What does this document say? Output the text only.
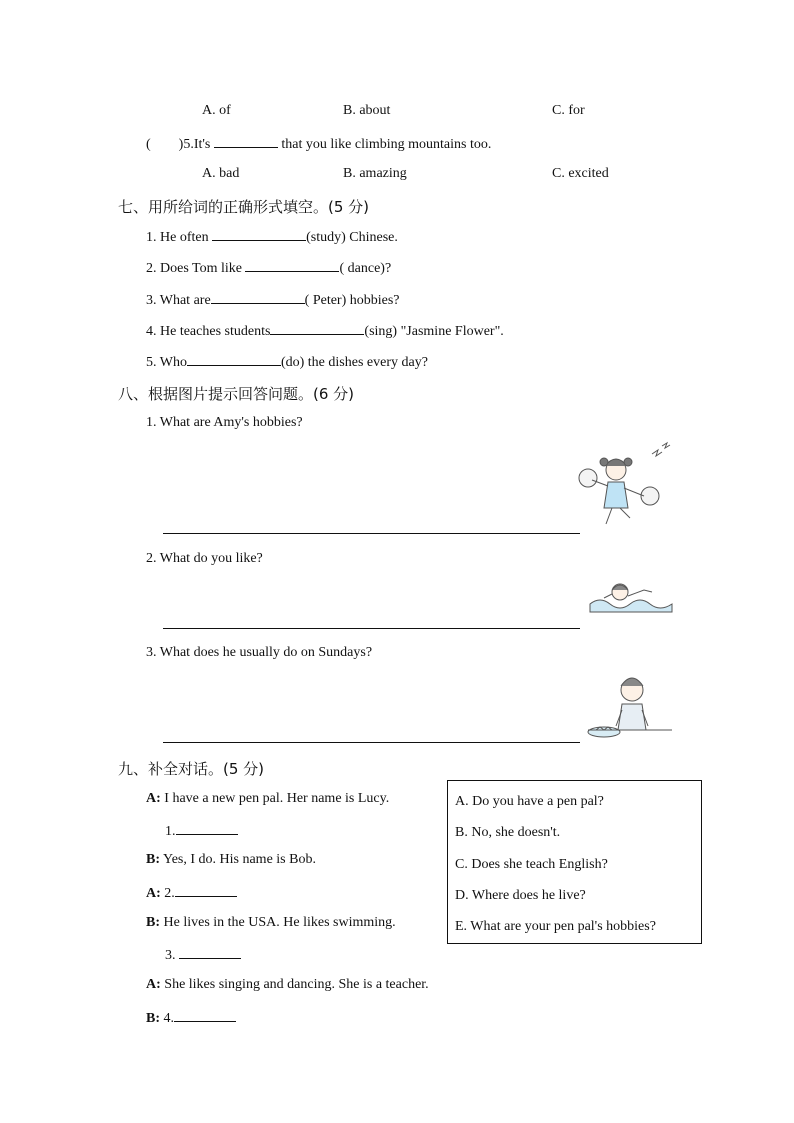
A. of	B. about	C. for
( )5.It's	that you like climbing mountains too.
A. bad	B. amazing	C. excited
七、用所给词的正确形式填空。(5 分)
1. He often	(study) Chinese.
2. Does Tom like	( dance)?
3. What are	( Peter) hobbies?
4. He teaches students	(sing) "Jasmine Flower".
5. Who	(do) the dishes every day?
八、根据图片提示回答问题。(6 分)
1. What are Amy's hobbies?
2. What do you like?
3. What does he usually do on Sundays?
九、补全对话。(5 分)
A: I have a new pen pal. Her name is Lucy.
1.
B: Yes, I do. His name is Bob.
A: 2.
B: He lives in the USA. He likes swimming.
3.
A: She likes singing and dancing. She is a teacher.
B: 4.
A. Do you have a pen pal?
B. No, she doesn't.
C. Does she teach English?
D. Where does he live?
E. What are your pen pal's hobbies?
